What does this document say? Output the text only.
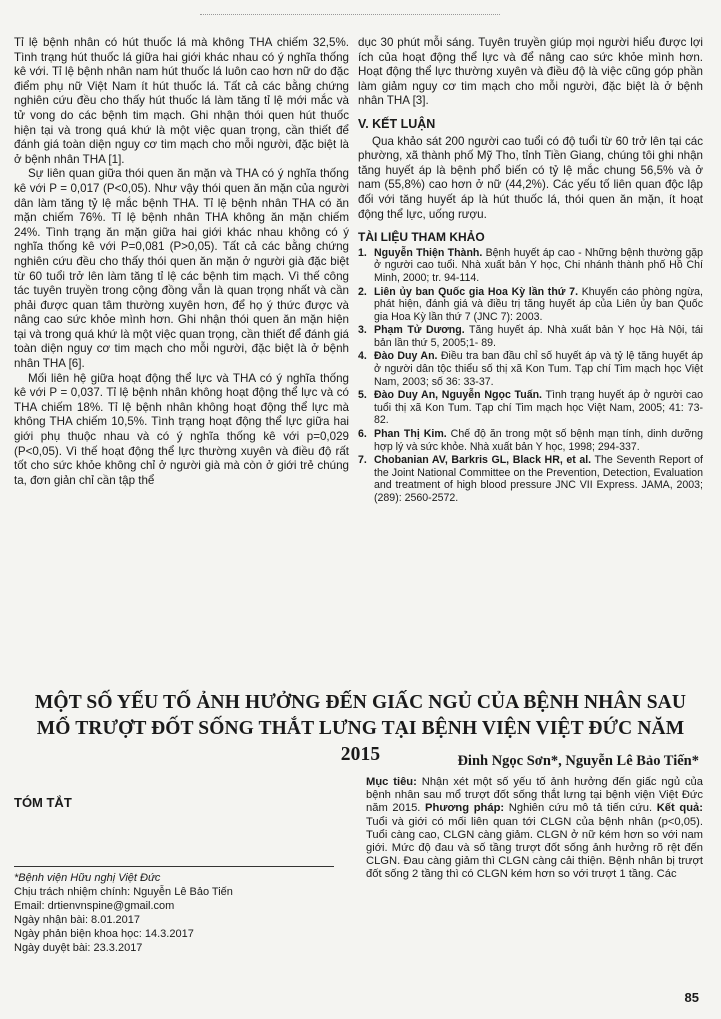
Tỉ lệ bệnh nhân có hút thuốc lá mà không THA chiếm 32,5%. Tình trạng hút thuốc lá giữa hai giới khác nhau có ý nghĩa thống kê với. Tỉ lệ bệnh nhân nam hút thuốc lá luôn cao hơn nữ do đặc điểm phụ nữ Việt Nam ít hút thuốc lá. Tất cả các bằng chứng nghiên cứu đều cho thấy hút thuốc lá làm tăng tỉ lệ mới mắc và tử vong do các bệnh tim mạch. Ghi nhận thói quen hút thuốc hiện tại và trong quá khứ là một việc quan trọng, cần thiết để đánh giá toàn diện nguy cơ tim mạch cho mỗi người, đặc biệt là ở bệnh nhân THA [1].

Sự liên quan giữa thói quen ăn mặn và THA có ý nghĩa thống kê với P = 0,017 (P<0,05). Như vậy thói quen ăn mặn của người dân làm tăng tỷ lệ mắc bệnh THA. Tỉ lệ bệnh nhân THA có ăn mặn chiếm 76%. Tỉ lệ bệnh nhân THA không ăn mặn chiếm 24%. Tình trạng ăn mặn giữa hai giới khác nhau không có ý nghĩa thống kê với P=0,081 (P>0,05). Tất cả các bằng chứng nghiên cứu đều cho thấy thói quen ăn mặn ở người già đặc biệt từ 60 tuổi trở lên làm tăng tỉ lệ các bệnh tim mạch. Vì thế công tác tuyên truyền trong cộng đồng vẫn là quan trọng nhất và cần phải được quan tâm thường xuyên hơn, để họ ý thức được và nâng cao sức khỏe mình hơn. Ghi nhận thói quen ăn mặn hiện tại và trong quá khứ là một việc quan trọng, cần thiết để đánh giá toàn diện nguy cơ tim mạch cho mỗi người, đặc biệt là ở bệnh nhân THA [6].

Mối liên hệ giữa hoạt động thể lực và THA có ý nghĩa thống kê với P = 0,037. Tỉ lệ bệnh nhân không hoạt động thể lực và có THA chiếm 18%. Tỉ lệ bệnh nhân không hoạt động thể lực mà không THA chiếm 10,5%. Tình trạng hoạt động thể lực giữa hai giới phụ thuộc nhau và có ý nghĩa thống kê với p=0,029 (P<0,05). Vì thế hoạt động thể lực thường xuyên và điều độ rất tốt cho sức khỏe không chỉ ở người già mà còn ở giới trẻ chúng ta, đơn giản chỉ cần tập thể

dục 30 phút mỗi sáng. Tuyên truyền giúp mọi người hiểu được lợi ích của hoạt động thể lực và để nâng cao sức khỏe mình hơn. Hoạt động thể lực thường xuyên và điều độ là việc cũng góp phần làm giảm nguy cơ tim mạch cho mỗi người, đặc biệt là ở bệnh nhân THA [3].

V. KẾT LUẬN

Qua khảo sát 200 người cao tuổi có độ tuổi từ 60 trở lên tại các phường, xã thành phố Mỹ Tho, tỉnh Tiền Giang, chúng tôi ghi nhận tăng huyết áp là bệnh phổ biến có tỷ lệ mắc chung 56,5% và ở nam (55,8%) cao hơn ở nữ (44,2%). Các yếu tố liên quan độc lập đối với tăng huyết áp là hút thuốc lá, thói quen ăn mặn, ít hoạt động thể lực, uống rượu.

TÀI LIỆU THAM KHẢO
1. Nguyễn Thiện Thành. Bệnh huyết áp cao - Những bệnh thường gặp ở người cao tuổi. Nhà xuất bản Y học, Chi nhánh thành phố Hồ Chí Minh, 2000; tr. 94-114.
2. Liên ủy ban Quốc gia Hoa Kỳ lần thứ 7. Khuyến cáo phòng ngừa, phát hiện, đánh giá và điều trị tăng huyết áp của Liên ủy ban Quốc gia Hoa Kỳ lần thứ 7 (JNC 7): 2003.
3. Phạm Tử Dương. Tăng huyết áp. Nhà xuất bản Y học Hà Nội, tái bản lần thứ 5, 2005;1- 89.
4. Đào Duy An. Điều tra ban đầu chỉ số huyết áp và tỷ lệ tăng huyết áp ở người dân tộc thiểu số thị xã Kon Tum. Tạp chí Tim mạch học Việt Nam, 2003; số 36: 33-37.
5. Đào Duy An, Nguyễn Ngọc Tuấn. Tình trạng huyết áp ở người cao tuổi thị xã Kon Tum. Tạp chí Tim mạch học Việt Nam, 2005; 41: 73-82.
6. Phan Thị Kim. Chế độ ăn trong một số bệnh mạn tính, dinh dưỡng hợp lý và sức khỏe. Nhà xuất bản Y học, 1998; 294-337.
7. Chobanian AV, Barkris GL, Black HR, et al. The Seventh Report of the Joint National Committee on the Prevention, Detection, Evaluation and treatment of high blood pressure JNC VII Express. JAMA, 2003; (289): 2560-2572.
MỘT SỐ YẾU TỐ ẢNH HƯỞNG ĐẾN GIẤC NGỦ CỦA BỆNH NHÂN SAU MỔ TRƯỢT ĐỐT SỐNG THẮT LƯNG TẠI BỆNH VIỆN VIỆT ĐỨC NĂM 2015	Đinh Ngọc Sơn*, Nguyễn Lê Bảo Tiến*
TÓM TẮT
*Bệnh viện Hữu nghị Việt Đức
Chịu trách nhiệm chính: Nguyễn Lê Bảo Tiến
Email: drtienvnspine@gmail.com
Ngày nhận bài: 8.01.2017
Ngày phản biện khoa học: 14.3.2017
Ngày duyệt bài: 23.3.2017
Mục tiêu: Nhận xét một số yếu tố ảnh hưởng đến giấc ngủ của bệnh nhân sau mổ trượt đốt sống thắt lưng tại bệnh viện Việt Đức năm 2015. Phương pháp: Nghiên cứu mô tả tiến cứu. Kết quả: Tuổi và giới có mối liên quan tới CLGN của bệnh nhân (p<0,05). Tuổi càng cao, CLGN càng giảm. CLGN ở nữ kém hơn so với nam giới. Mức độ đau và số tầng trượt đốt sống ảnh hưởng rõ rệt đến CLGN. Đau càng giảm thì CLGN càng cải thiện. Bệnh nhân bị trượt đốt sống 2 tầng thì có CLGN kém hơn so với trượt 1 tầng. Các
85
